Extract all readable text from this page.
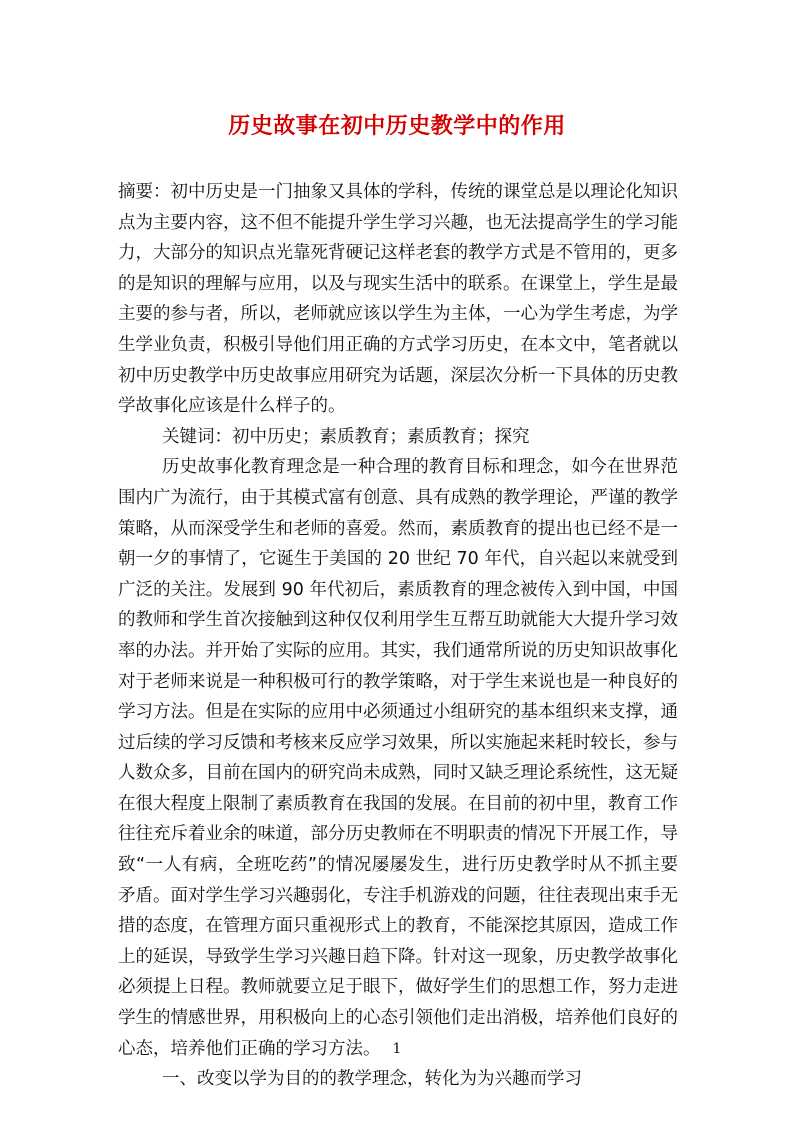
历史故事在初中历史教学中的作用

摘要：初中历史是一门抽象又具体的学科，传统的课堂总是以理论化知识点为主要内容，这不但不能提升学生学习兴趣，也无法提高学生的学习能力，大部分的知识点光靠死背硬记这样老套的教学方式是不管用的，更多的是知识的理解与应用，以及与现实生活中的联系。在课堂上，学生是最主要的参与者，所以，老师就应该以学生为主体，一心为学生考虑，为学生学业负责，积极引导他们用正确的方式学习历史，在本文中，笔者就以初中历史教学中历史故事应用研究为话题，深层次分析一下具体的历史教学故事化应该是什么样子的。

关键词：初中历史；素质教育；素质教育；探究

历史故事化教育理念是一种合理的教育目标和理念，如今在世界范围内广为流行，由于其模式富有创意、具有成熟的教学理论，严谨的教学策略，从而深受学生和老师的喜爱。然而，素质教育的提出也已经不是一朝一夕的事情了，它诞生于美国的 20 世纪 70 年代，自兴起以来就受到广泛的关注。发展到 90 年代初后，素质教育的理念被传入到中国，中国的教师和学生首次接触到这种仅仅利用学生互帮互助就能大大提升学习效率的办法。并开始了实际的应用。其实，我们通常所说的历史知识故事化对于老师来说是一种积极可行的教学策略，对于学生来说也是一种良好的学习方法。但是在实际的应用中必须通过小组研究的基本组织来支撑，通过后续的学习反馈和考核来反应学习效果，所以实施起来耗时较长，参与人数众多，目前在国内的研究尚未成熟，同时又缺乏理论系统性，这无疑在很大程度上限制了素质教育在我国的发展。在目前的初中里，教育工作往往充斥着业余的味道，部分历史教师在不明职责的情况下开展工作，导致“一人有病，全班吃药”的情况屡屡发生，进行历史教学时从不抓主要矛盾。面对学生学习兴趣弱化，专注手机游戏的问题，往往表现出束手无措的态度，在管理方面只重视形式上的教育，不能深挖其原因，造成工作上的延误，导致学生学习兴趣日趋下降。针对这一现象，历史教学故事化必须提上日程。教师就要立足于眼下，做好学生们的思想工作，努力走进学生的情感世界，用积极向上的心态引领他们走出消极，培养他们良好的心态，培养他们正确的学习方法。

一、改变以学为目的的教学理念，转化为为兴趣而学习

1
